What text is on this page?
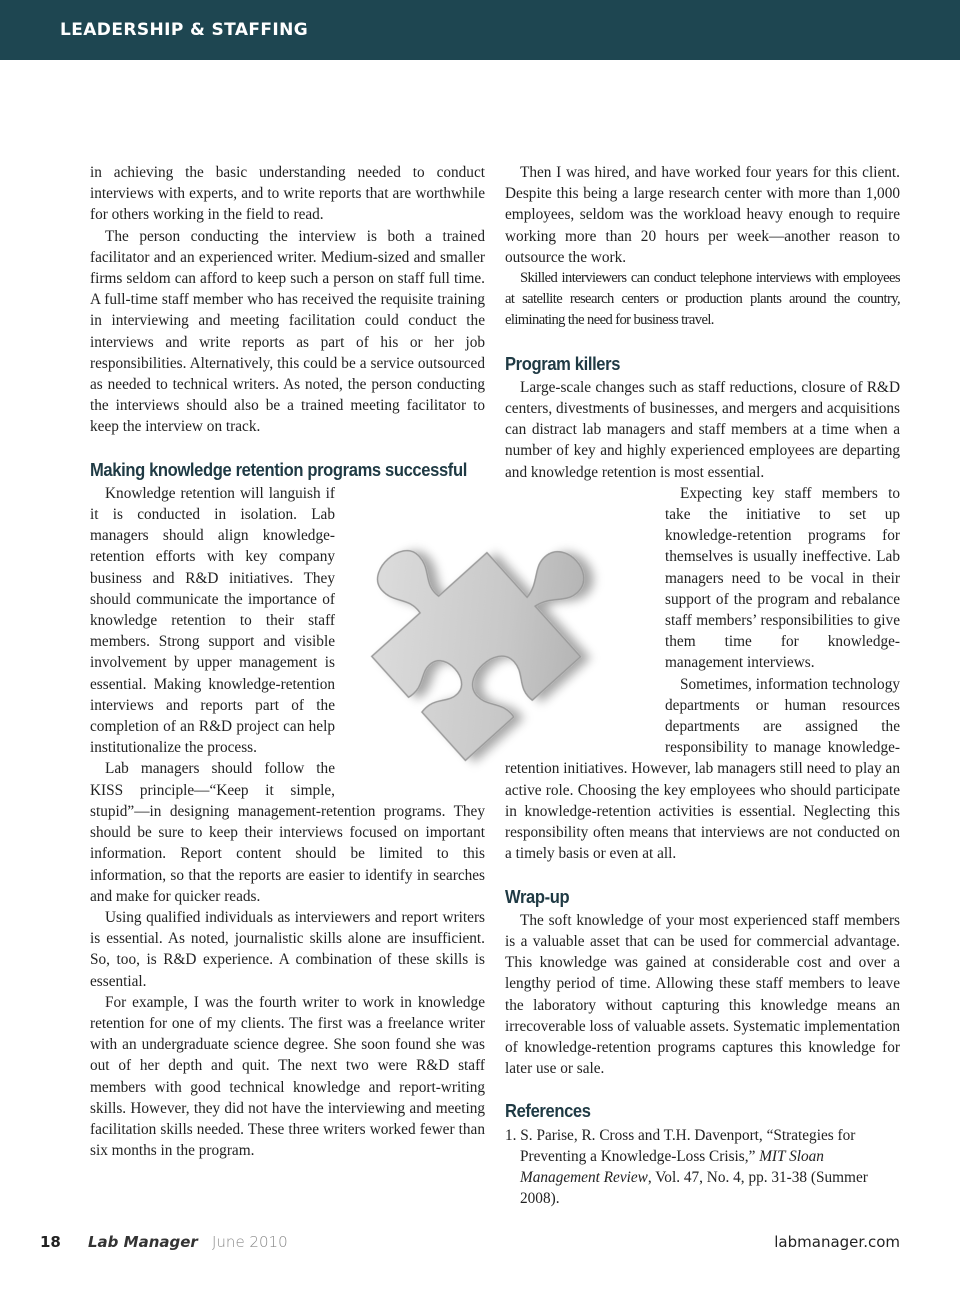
LEADERSHIP & STAFFING

in achieving the basic understanding needed to conduct interviews with experts, and to write reports that are worthwhile for others working in the field to read.

The person conducting the interview is both a trained facilitator and an experienced writer. Medium-sized and smaller firms seldom can afford to keep such a person on staff full time. A full-time staff member who has received the requisite training in interviewing and meeting facilitation could conduct the interviews and write reports as part of his or her job responsibilities. Alternatively, this could be a service outsourced as needed to technical writers. As noted, the person conducting the interviews should also be a trained meeting facilitator to keep the interview on track.

Making knowledge retention programs successful

Knowledge retention will languish if it is conducted in isolation. Lab managers should align knowledge-retention efforts with key company business and R&D initiatives. They should communicate the importance of knowledge retention to their staff members. Strong support and visible involvement by upper management is essential. Making knowledge-retention interviews and reports part of the completion of an R&D project can help institutionalize the process.

Lab managers should follow the KISS principle—“Keep it simple, stupid”—in designing management-retention programs. They should be sure to keep their interviews focused on important information. Report content should be limited to this information, so that the reports are easier to identify in searches and make for quicker reads.

Using qualified individuals as interviewers and report writers is essential. As noted, journalistic skills alone are insufficient. So, too, is R&D experience. A combination of these skills is essential.

For example, I was the fourth writer to work in knowledge retention for one of my clients. The first was a freelance writer with an undergraduate science degree. She soon found she was out of her depth and quit. The next two were R&D staff members with good technical knowledge and report-writing skills. However, they did not have the interviewing and meeting facilitation skills needed. These three writers worked fewer than six months in the program.

Then I was hired, and have worked four years for this client. Despite this being a large research center with more than 1,000 employees, seldom was the workload heavy enough to require working more than 20 hours per week—another reason to outsource the work.

Skilled interviewers can conduct telephone interviews with employees at satellite research centers or production plants around the country, eliminating the need for business travel.

Program killers

Large-scale changes such as staff reductions, closure of R&D centers, divestments of businesses, and mergers and acquisitions can distract lab managers and staff members at a time when a number of key and highly experienced employees are departing and knowledge retention is most essential.

Expecting key staff members to take the initiative to set up knowledge-retention programs for themselves is usually ineffective. Lab managers need to be vocal in their support of the program and rebalance staff members’ responsibilities to give them time for knowledge-management interviews.

Sometimes, information technology departments or human resources departments are assigned the responsibility to manage knowledge-retention initiatives. However, lab managers still need to play an active role. Choosing the key employees who should participate in knowledge-retention activities is essential. Neglecting this responsibility often means that interviews are not conducted on a timely basis or even at all.

Wrap-up

The soft knowledge of your most experienced staff members is a valuable asset that can be used for commercial advantage. This knowledge was gained at considerable cost and over a lengthy period of time. Allowing these staff members to leave the laboratory without capturing this knowledge means an irrecoverable loss of valuable assets. Systematic implementation of knowledge-retention programs captures this knowledge for later use or sale.

References

1. S. Parise, R. Cross and T.H. Davenport, “Strategies for Preventing a Knowledge-Loss Crisis,” MIT Sloan Management Review, Vol. 47, No. 4, pp. 31-38 (Summer 2008).

18 Lab Manager June 2010	labmanager.com
